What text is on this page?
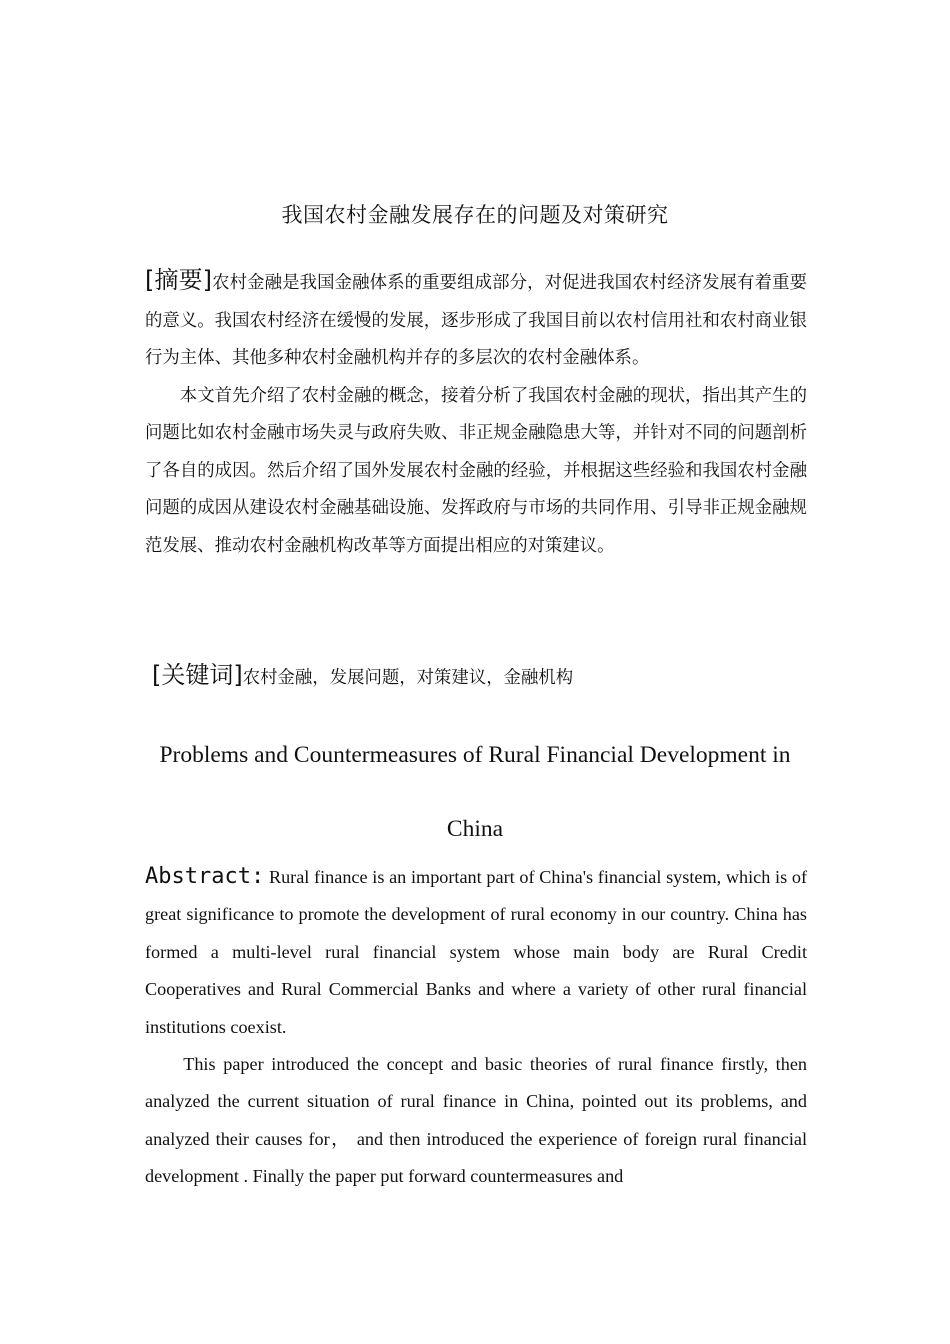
我国农村金融发展存在的问题及对策研究

[摘要]农村金融是我国金融体系的重要组成部分，对促进我国农村经济发展有着重要的意义。我国农村经济在缓慢的发展，逐步形成了我国目前以农村信用社和农村商业银行为主体、其他多种农村金融机构并存的多层次的农村金融体系。

本文首先介绍了农村金融的概念，接着分析了我国农村金融的现状，指出其产生的问题比如农村金融市场失灵与政府失败、非正规金融隐患大等，并针对不同的问题剖析了各自的成因。然后介绍了国外发展农村金融的经验，并根据这些经验和我国农村金融问题的成因从建设农村金融基础设施、发挥政府与市场的共同作用、引导非正规金融规范发展、推动农村金融机构改革等方面提出相应的对策建议。

[关键词]农村金融，发展问题，对策建议，金融机构
Problems and Countermeasures of Rural Financial Development in
China

Abstract: Rural finance is an important part of China's financial system, which is of great significance to promote the development of rural economy in our country. China has formed a multi-level rural financial system whose main body are Rural Credit Cooperatives and Rural Commercial Banks and where a variety of other rural financial institutions coexist.

This paper introduced the concept and basic theories of rural finance firstly, then analyzed the current situation of rural finance in China, pointed out its problems, and analyzed their causes for， and then introduced the experience of foreign rural financial development . Finally the paper put forward countermeasures and
